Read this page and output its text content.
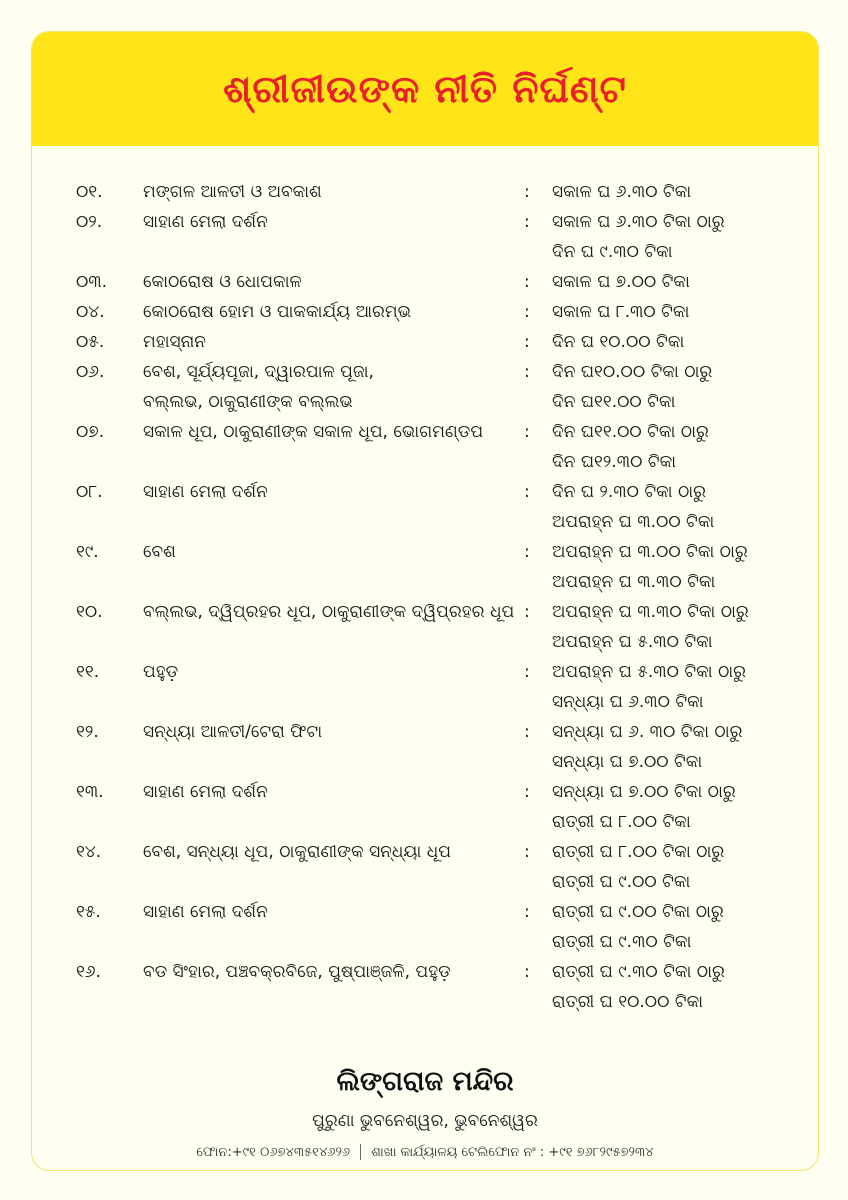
ଶ୍ରୀଜୀଉଙ୍କ ନୀତି ନିର୍ଘଣ୍ଟ
୦୧. ମଙ୍ଗଳ ଆଳତୀ ଓ ଅବକାଶ	: ସକାଳ ଘ ୬.୩୦ ଟିକା
୦୨. ସାହାଣ ମେଲା ଦର୍ଶନ	: ସକାଳ ଘ ୬.୩୦ ଟିକା ଠାରୁ
ଦିନ ଘ ୯.୩୦ ଟିକା
୦୩. କୋଠରୋଷ ଓ ଧୋପକାଳ	: ସକାଳ ଘ ୭.୦୦ ଟିକା
୦୪. କୋଠରୋଷ ହୋମ ଓ ପାକକାର୍ଯ୍ୟ ଆରମ୍ଭ	: ସକାଳ ଘ ୮.୩୦ ଟିକା
୦୫. ମହାସ୍ନାନ	: ଦିନ ଘ ୧୦.୦୦ ଟିକା
୦୬. ବେଶ, ସୂର୍ଯ୍ୟପୂଜା, ଦ୍ୱାରପାଳ ପୂଜା,
ବଲ୍ଲଭ, ଠାକୁରାଣୀଙ୍କ ବଲ୍ଲଭ
: ଦିନ ଘ୧୦.୦୦ ଟିକା ଠାରୁ
ଦିନ ଘ୧୧.୦୦ ଟିକା
୦୭. ସକାଳ ଧୂପ, ଠାକୁରାଣୀଙ୍କ ସକାଳ ଧୂପ, ଭୋଗମଣ୍ଡପ	: ଦିନ ଘ୧୧.୦୦ ଟିକା ଠାରୁ
ଦିନ ଘ୧୨.୩୦ ଟିକା
୦୮. ସାହାଣ ମେଲା ଦର୍ଶନ	: ଦିନ ଘ ୨.୩୦ ଟିକା ଠାରୁ
ଅପରାହ୍ନ ଘ ୩.୦୦ ଟିକା
୧୯.	ବେଶ	: ଅପରାହ୍ନ ଘ ୩.୦୦ ଟିକା ଠାରୁ
ଅପରାହ୍ନ ଘ ୩.୩୦ ଟିକା
୧୦. ବଲ୍ଲଭ, ଦ୍ୱିପ୍ରହର ଧୂପ, ଠାକୁରାଣୀଙ୍କ ଦ୍ୱିପ୍ରହର ଧୂପ : ଅପରାହ୍ନ ଘ ୩.୩୦ ଟିକା ଠାରୁ
ଅପରାହ୍ନ ଘ ୫.୩୦ ଟିକା
୧୧.	ପହୁଡ଼	: ଅପରାହ୍ନ ଘ ୫.୩୦ ଟିକା ଠାରୁ
ସନ୍ଧ୍ୟା ଘ ୬.୩୦ ଟିକା
୧୨.	ସନ୍ଧ୍ୟା ଆଳତୀ/ଟେରା ଫିଟା	: ସନ୍ଧ୍ୟା ଘ ୬. ୩୦ ଟିକା ଠାରୁ
ସନ୍ଧ୍ୟା ଘ ୭.୦୦ ଟିକା
୧୩. ସାହାଣ ମେଲା ଦର୍ଶନ	: ସନ୍ଧ୍ୟା ଘ ୭.୦୦ ଟିକା ଠାରୁ
ରାତ୍ରୀ ଘ ୮.୦୦ ଟିକା
୧୪. ବେଶ, ସନ୍ଧ୍ୟା ଧୂପ, ଠାକୁରାଣୀଙ୍କ ସନ୍ଧ୍ୟା ଧୂପ	: ରାତ୍ରୀ ଘ ୮.୦୦ ଟିକା ଠାରୁ
ରାତ୍ରୀ ଘ ୯.୦୦ ଟିକା
୧୫. ସାହାଣ ମେଲା ଦର୍ଶନ	: ରାତ୍ରୀ ଘ ୯.୦୦ ଟିକା ଠାରୁ
ରାତ୍ରୀ ଘ ୯.୩୦ ଟିକା
୧୬. ବଡ ସିଂହାର, ପଞ୍ଚବକ୍ରବିଜେ, ପୁଷ୍ପାଞ୍ଜଳି, ପହୁଡ଼	: ରାତ୍ରୀ ଘ ୯.୩୦ ଟିକା ଠାରୁ
ରାତ୍ରୀ ଘ ୧୦.୦୦ ଟିକା
ଲିଙ୍ଗରାଜ ମନ୍ଦିର
ପୁରୁଣା ଭୁବନେଶ୍ୱର, ଭୁବନେଶ୍ୱର
ଫୋନ:+୯୧ ୦୬୭୪୩୫୧୪୬୨୬ ଶାଖା କାର୍ଯ୍ୟାଳୟ ଟେଲିଫୋନ ନଂ : +୯୧ ୭୬୮୨୯୫୭୨୩୪
